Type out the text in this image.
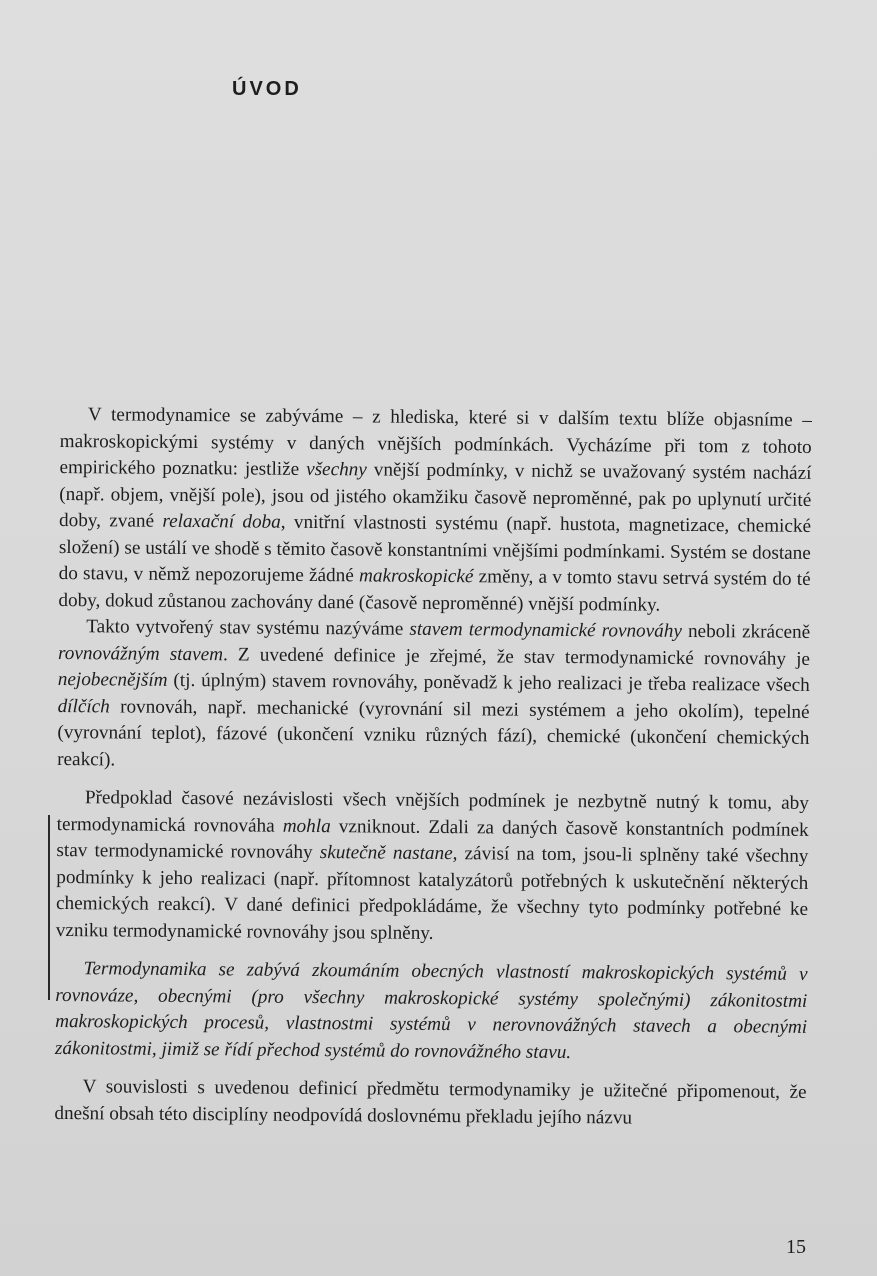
ÚVOD

V termodynamice se zabýváme – z hlediska, které si v dalším textu blíže objasníme – makroskopickými systémy v daných vnějších podmínkách. Vycházíme při tom z tohoto empirického poznatku: jestliže všechny vnější podmínky, v nichž se uvažovaný systém nachází (např. objem, vnější pole), jsou od jistého okamžiku časově neproměnné, pak po uplynutí určité doby, zvané relaxační doba, vnitřní vlastnosti systému (např. hustota, magnetizace, chemické složení) se ustálí ve shodě s těmito časově konstantními vnějšími podmínkami. Systém se dostane do stavu, v němž nepozorujeme žádné makroskopické změny, a v tomto stavu setrvá systém do té doby, dokud zůstanou zachovány dané (časově neproměnné) vnější podmínky.

Takto vytvořený stav systému nazýváme stavem termodynamické rovnováhy neboli zkráceně rovnovážným stavem. Z uvedené definice je zřejmé, že stav termodynamické rovnováhy je nejobecnějším (tj. úplným) stavem rovnováhy, poněvadž k jeho realizaci je třeba realizace všech dílčích rovnováh, např. mechanické (vyrovnání sil mezi systémem a jeho okolím), tepelné (vyrovnání teplot), fázové (ukončení vzniku různých fází), chemické (ukončení chemických reakcí).

Předpoklad časové nezávislosti všech vnějších podmínek je nezbytně nutný k tomu, aby termodynamická rovnováha mohla vzniknout. Zdali za daných časově konstantních podmínek stav termodynamické rovnováhy skutečně nastane, závisí na tom, jsou-li splněny také všechny podmínky k jeho realizaci (např. přítomnost katalyzátorů potřebných k uskutečnění některých chemických reakcí). V dané definici předpokládáme, že všechny tyto podmínky potřebné ke vzniku termodynamické rovnováhy jsou splněny.

Termodynamika se zabývá zkoumáním obecných vlastností makroskopických systémů v rovnováze, obecnými (pro všechny makroskopické systémy společnými) zákonitostmi makroskopických procesů, vlastnostmi systémů v nerovnovážných stavech a obecnými zákonitostmi, jimiž se řídí přechod systémů do rovnovážného stavu.

V souvislosti s uvedenou definicí předmětu termodynamiky je užitečné připomenout, že dnešní obsah této disciplíny neodpovídá doslovnému překladu jejího názvu

15
